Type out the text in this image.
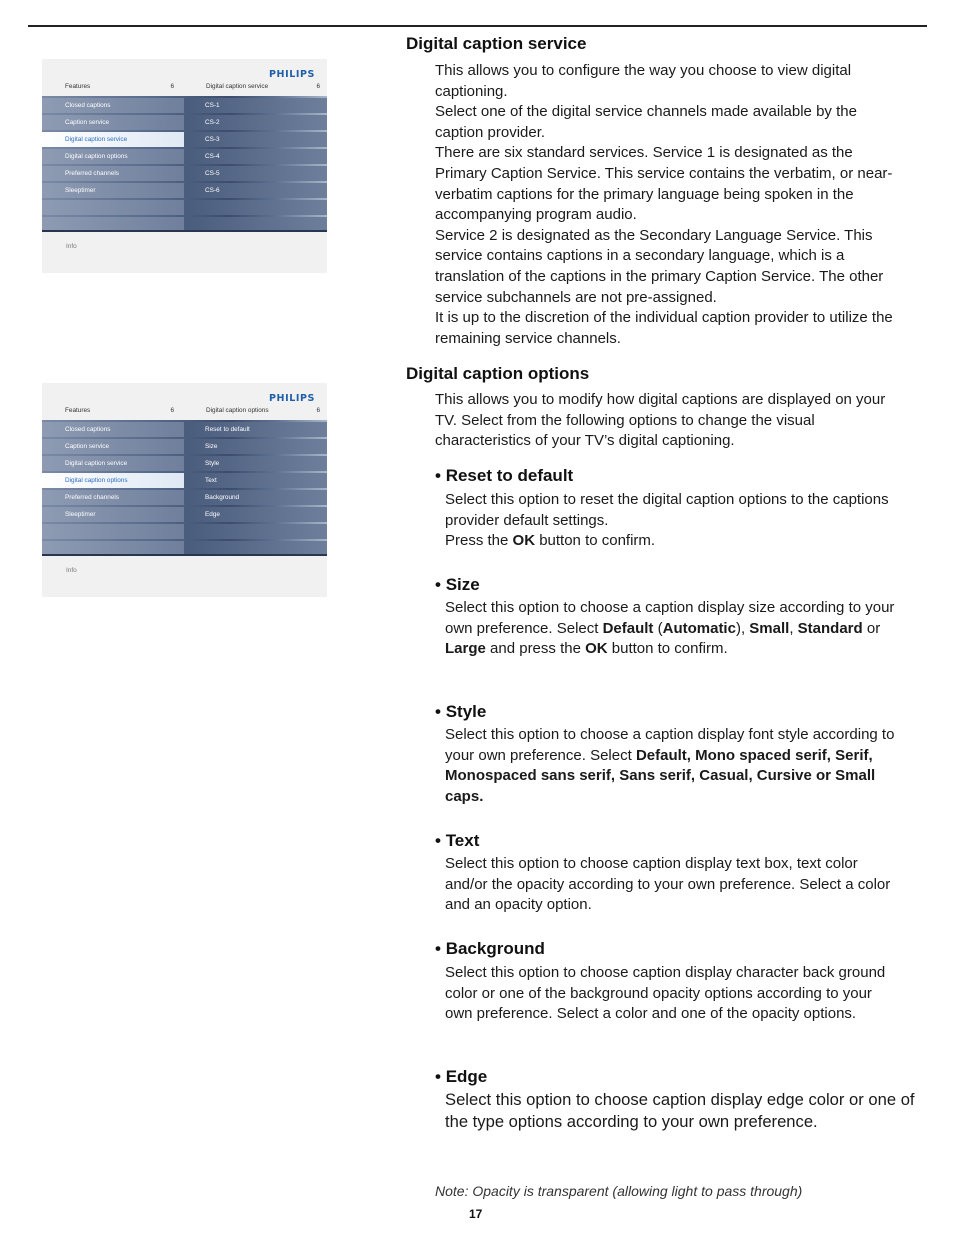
PHILIPS
Features	6	Digital caption service	6
Closed captions
Caption service
Digital caption service
Digital caption options
Preferred channels
Sleeptimer
CS-1
CS-2
CS-3
CS-4
CS-5
CS-6
Info
PHILIPS
Features	6	Digital caption options	6
Closed captions
Caption service
Digital caption service
Digital caption options
Preferred channels
Sleeptimer
Reset to default
Size
Style
Text
Background
Edge
Info
Digital caption service

This allows you to configure the way you choose to view digital captioning.

Select one of the digital service channels made available by the caption provider.

There are six standard services. Service 1 is designated as the Primary Caption Service. This service contains the verbatim, or near-verbatim captions for the primary language being spoken in the accompanying program audio.

Service 2 is designated as the Secondary Language Service. This service contains captions in a secondary language, which is a translation of the captions in the primary Caption Service. The other service subchannels are not pre-assigned.

It is up to the discretion of the individual caption provider to utilize the remaining service channels.

Digital caption options

This allows you to modify how digital captions are displayed on your TV. Select from the following options to change the visual characteristics of your TV’s digital captioning.

• Reset to default
Select this option to reset the digital caption options to the captions provider default settings.
Press the OK button to confirm.
• Size
Select this option to choose a caption display size according to your own preference. Select Default (Automatic), Small, Standard or Large and press the OK button to confirm.
• Style
Select this option to choose a caption display font style according to your own preference. Select Default, Mono spaced serif, Serif, Monospaced sans serif, Sans serif, Casual, Cursive or Small caps.
• Text

Select this option to choose caption display text box, text color and/or the opacity according to your own preference. Select a color and an opacity option.

• Background

Select this option to choose caption display character back ground color or one of the background opacity options according to your own preference. Select a color and one of the opacity options.

• Edge

Select this option to choose caption display edge color or one of the type options according to your own preference.

Note: Opacity is transparent (allowing light to pass through)
17
